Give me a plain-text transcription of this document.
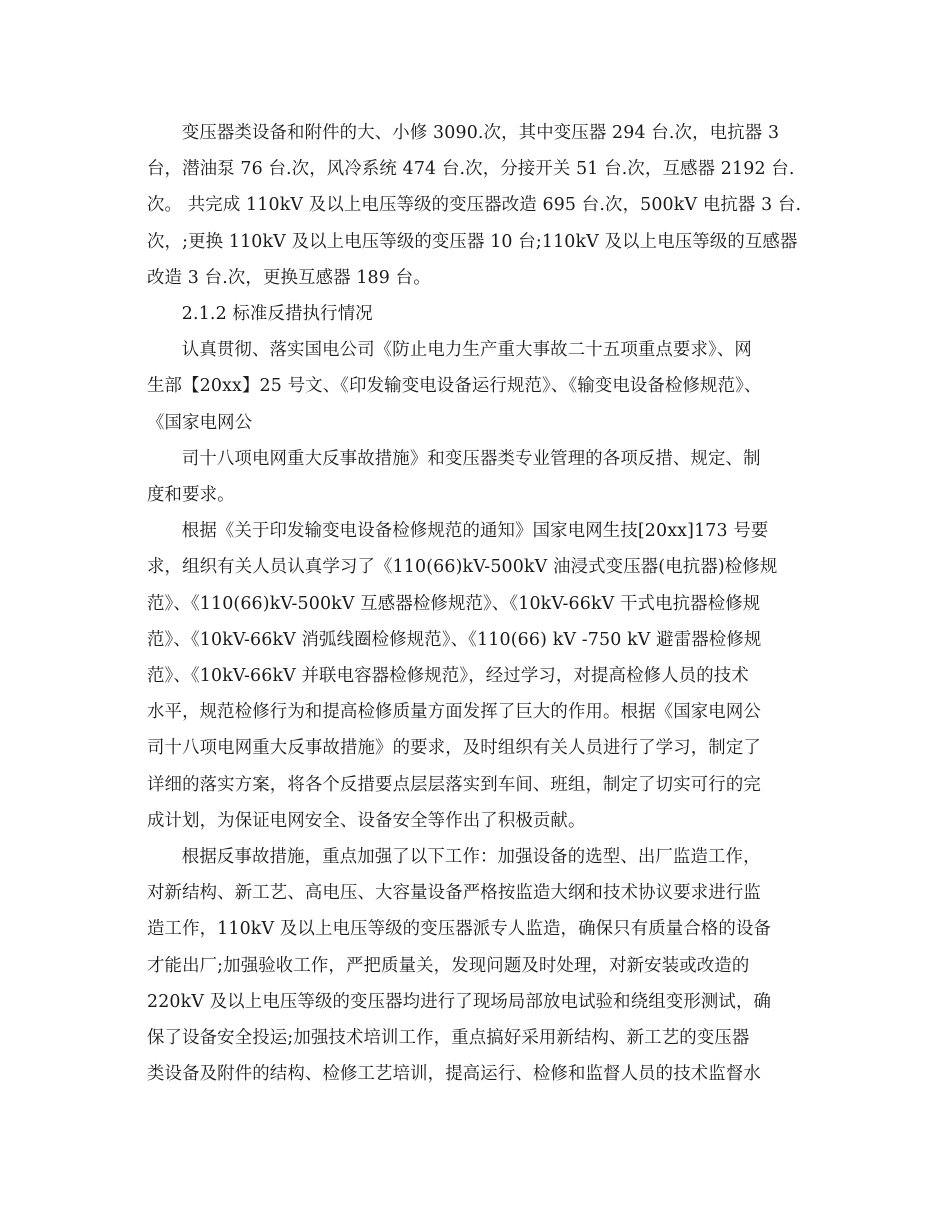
变压器类设备和附件的大、小修 3090.次，其中变压器 294 台.次，电抗器 3
台，潜油泵 76 台.次，风冷系统 474 台.次，分接开关 51 台.次，互感器 2192 台.
次。 共完成 110kV 及以上电压等级的变压器改造 695 台.次，500kV 电抗器 3 台.
次，;更换 110kV 及以上电压等级的变压器 10 台;110kV 及以上电压等级的互感器
改造 3 台.次，更换互感器 189 台。
2.1.2 标准反措执行情况
认真贯彻、落实国电公司《防止电力生产重大事故二十五项重点要求》、网
生部【20xx】25 号文、《印发输变电设备运行规范》、《输变电设备检修规范》、
《国家电网公
司十八项电网重大反事故措施》和变压器类专业管理的各项反措、规定、制
度和要求。
根据《关于印发输变电设备检修规范的通知》国家电网生技[20xx]173 号要
求，组织有关人员认真学习了《110(66)kV-500kV 油浸式变压器(电抗器)检修规
范》、《110(66)kV-500kV 互感器检修规范》、《10kV-66kV 干式电抗器检修规
范》、《10kV-66kV 消弧线圈检修规范》、《110(66) kV -750 kV 避雷器检修规
范》、《10kV-66kV 并联电容器检修规范》，经过学习，对提高检修人员的技术
水平，规范检修行为和提高检修质量方面发挥了巨大的作用。根据《国家电网公
司十八项电网重大反事故措施》的要求，及时组织有关人员进行了学习，制定了
详细的落实方案，将各个反措要点层层落实到车间、班组，制定了切实可行的完
成计划，为保证电网安全、设备安全等作出了积极贡献。
根据反事故措施，重点加强了以下工作：加强设备的选型、出厂监造工作，
对新结构、新工艺、高电压、大容量设备严格按监造大纲和技术协议要求进行监
造工作，110kV 及以上电压等级的变压器派专人监造，确保只有质量合格的设备
才能出厂;加强验收工作，严把质量关，发现问题及时处理，对新安装或改造的
220kV 及以上电压等级的变压器均进行了现场局部放电试验和绕组变形测试，确
保了设备安全投运;加强技术培训工作，重点搞好采用新结构、新工艺的变压器
类设备及附件的结构、检修工艺培训，提高运行、检修和监督人员的技术监督水
